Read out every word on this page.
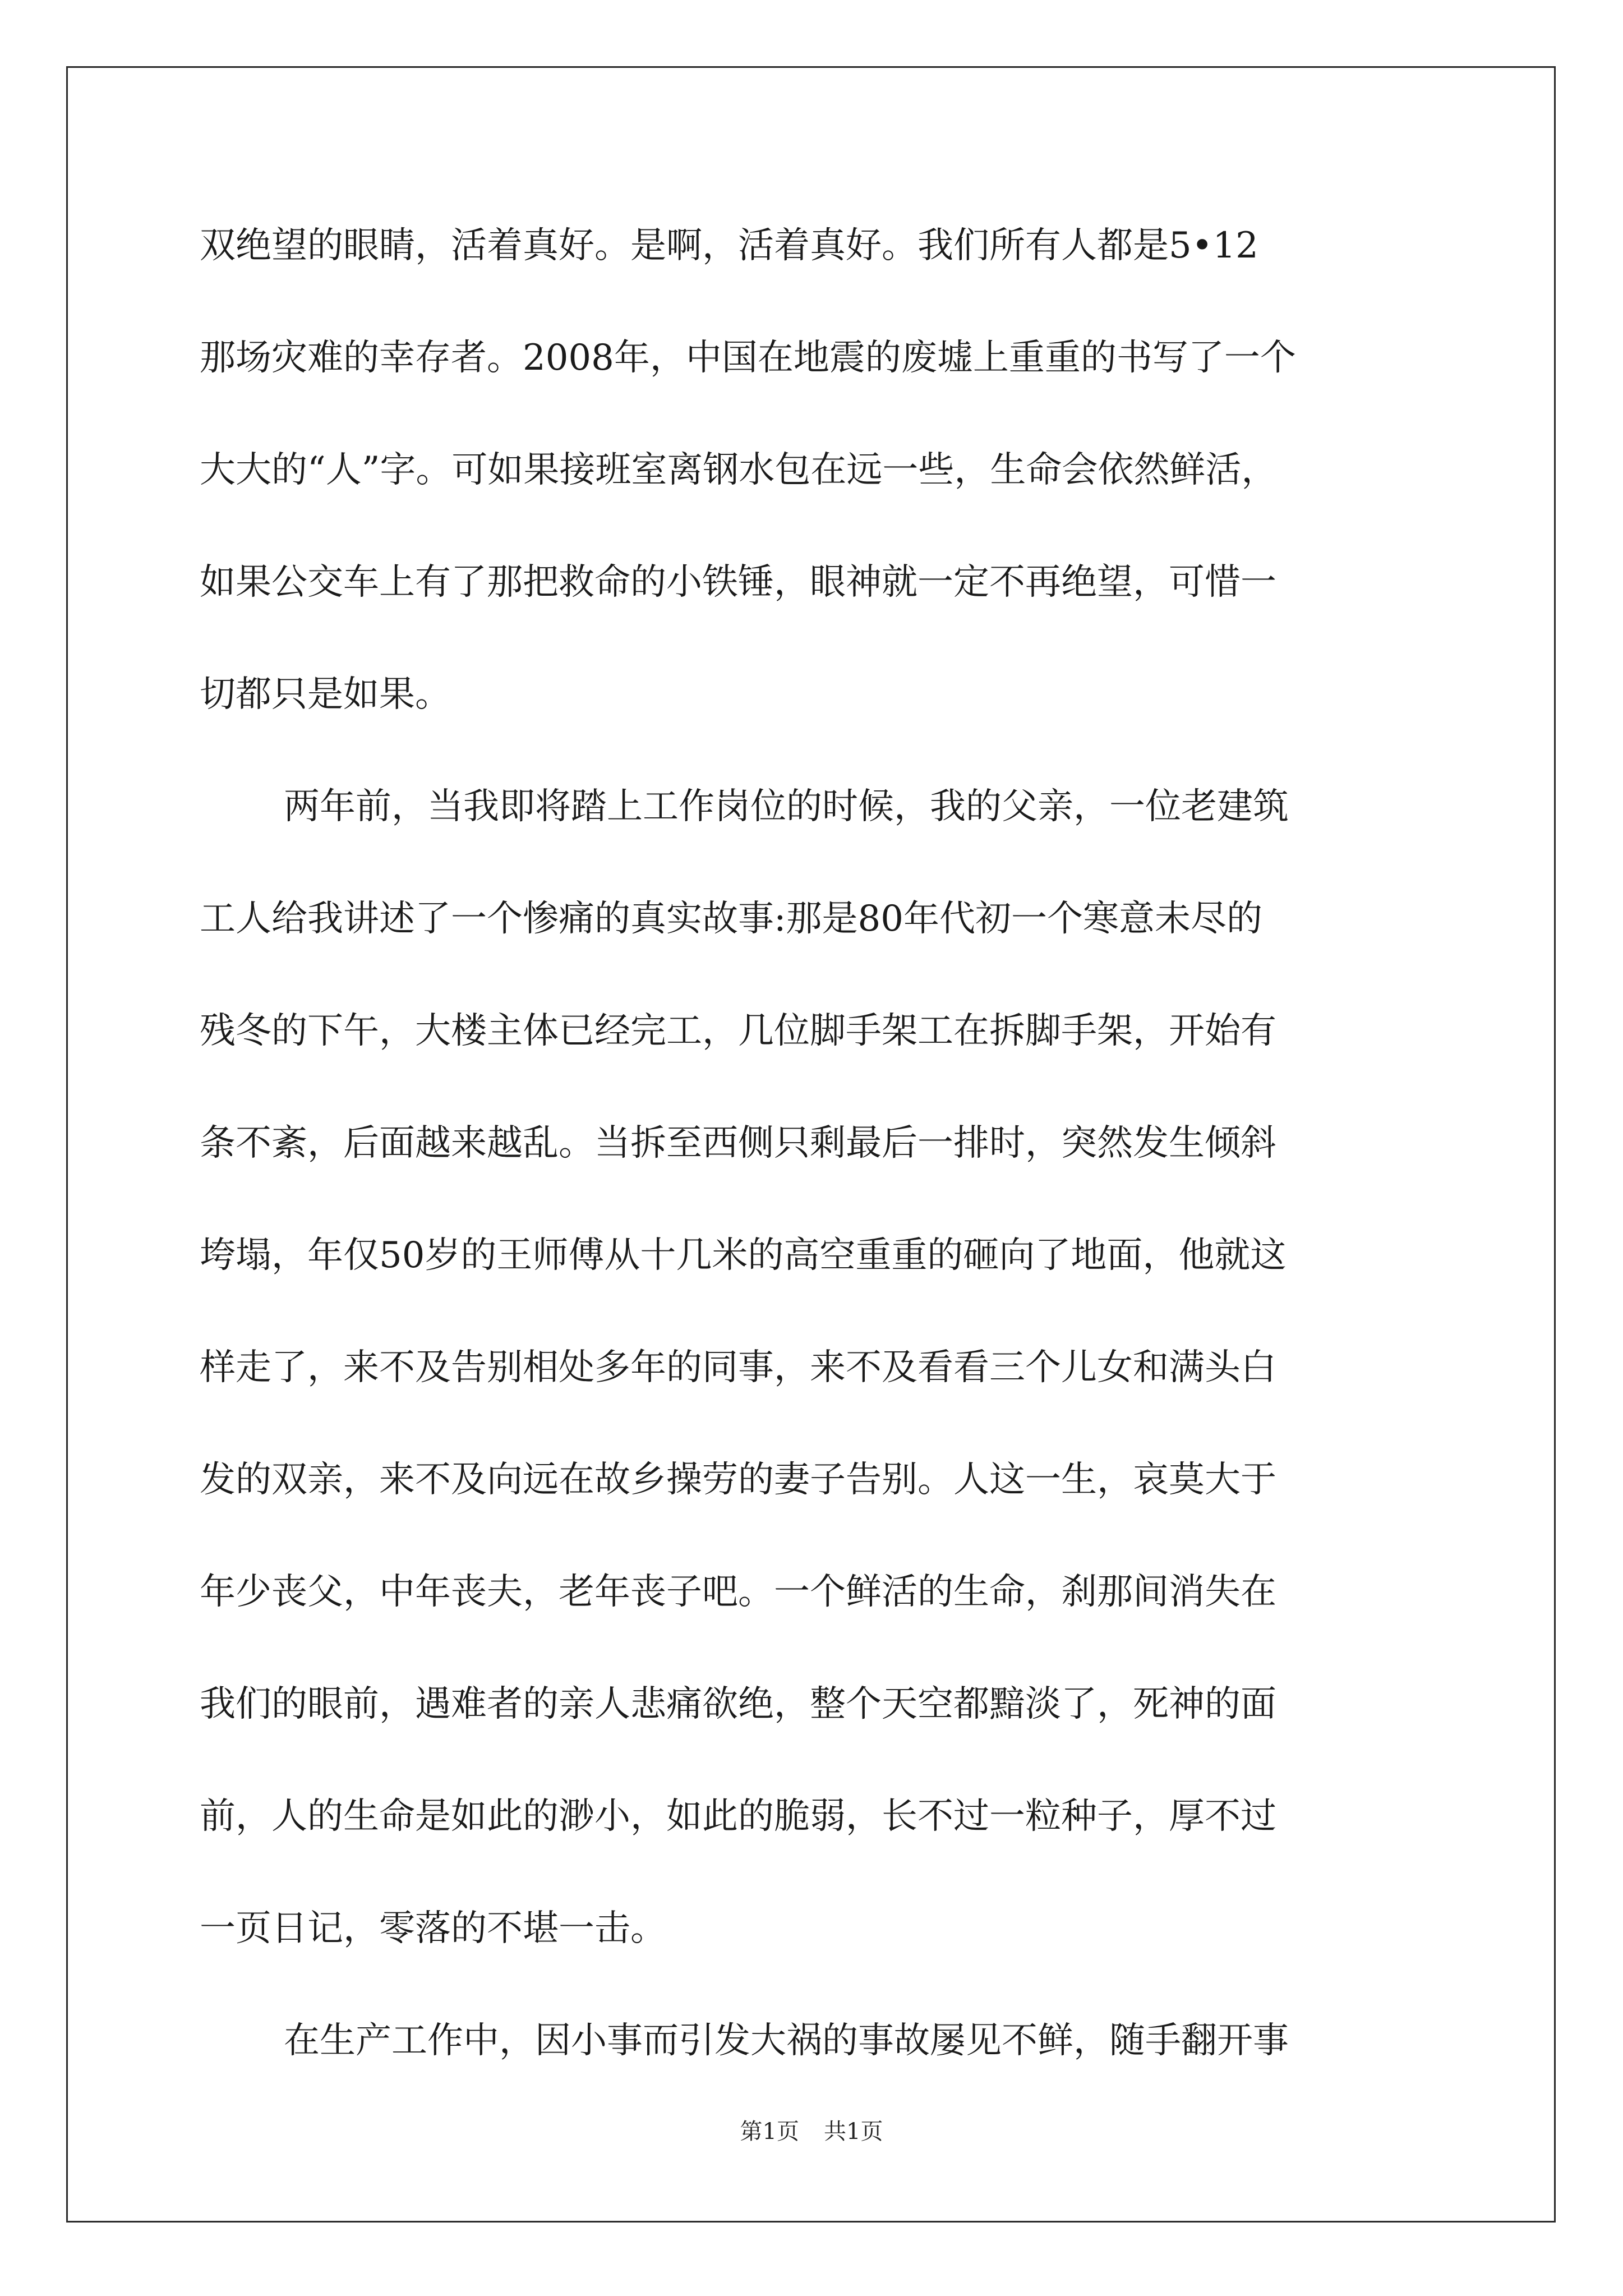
双绝望的眼睛，活着真好。是啊，活着真好。我们所有人都是5•12
那场灾难的幸存者。2008年，中国在地震的废墟上重重的书写了一个
大大的“人”字。可如果接班室离钢水包在远一些，生命会依然鲜活，
如果公交车上有了那把救命的小铁锤，眼神就一定不再绝望，可惜一
切都只是如果。
两年前，当我即将踏上工作岗位的时候，我的父亲，一位老建筑
工人给我讲述了一个惨痛的真实故事:那是80年代初一个寒意未尽的
残冬的下午，大楼主体已经完工，几位脚手架工在拆脚手架，开始有
条不紊，后面越来越乱。当拆至西侧只剩最后一排时，突然发生倾斜
垮塌，年仅50岁的王师傅从十几米的高空重重的砸向了地面，他就这
样走了，来不及告别相处多年的同事，来不及看看三个儿女和满头白
发的双亲，来不及向远在故乡操劳的妻子告别。人这一生，哀莫大于
年少丧父，中年丧夫，老年丧子吧。一个鲜活的生命，刹那间消失在
我们的眼前，遇难者的亲人悲痛欲绝，整个天空都黯淡了，死神的面
前，人的生命是如此的渺小，如此的脆弱，长不过一粒种子，厚不过
一页日记，零落的不堪一击。
在生产工作中，因小事而引发大祸的事故屡见不鲜，随手翻开事
第1页 共1页
